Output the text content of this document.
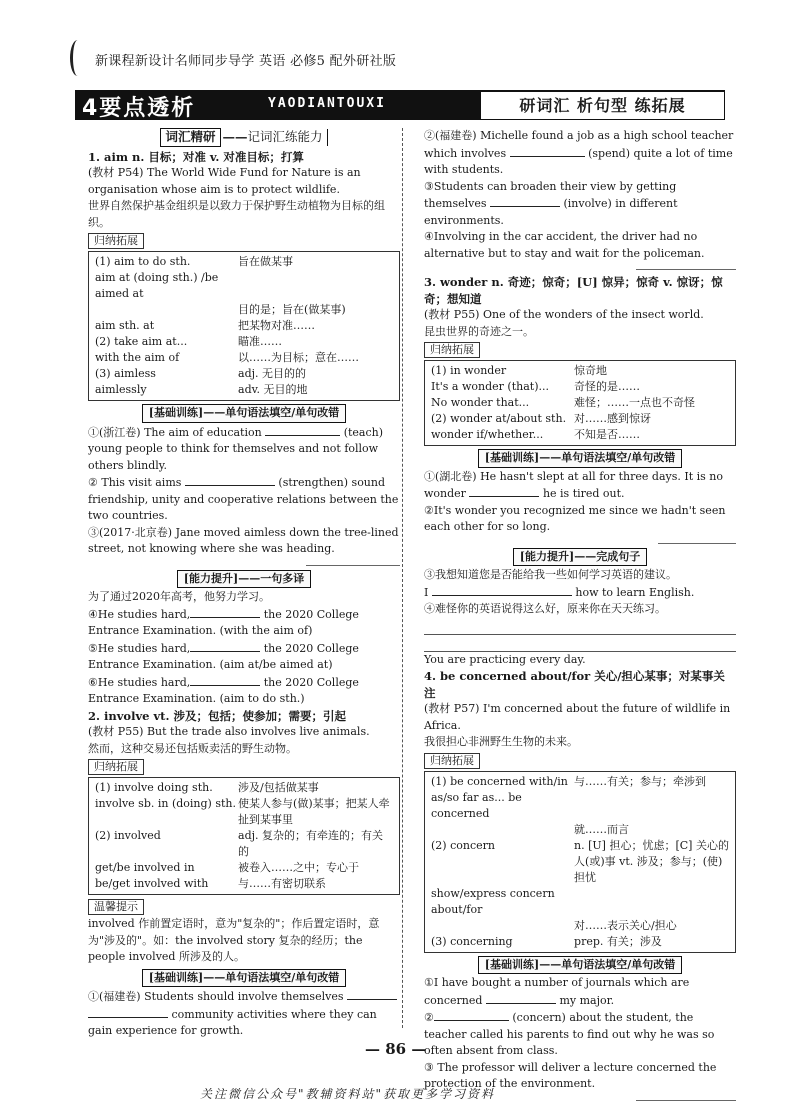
新课程新设计名师同步导学 英语 必修5 配外研社版
4要点透析	YAODIANTOUXI	研词汇 析句型 练拓展
词汇精研 ——记词汇练能力

1. aim n. 目标；对准 v. 对准目标；打算

(教材 P54) The World Wide Fund for Nature is an organisation whose aim is to protect wildlife.

世界自然保护基金组织是以致力于保护野生动植物为目标的组织。

归纳拓展
(1) aim to do sth.	旨在做某事
aim at (doing sth.) /be aimed at	
	目的是；旨在(做某事)
aim sth. at	把某物对准……
(2) take aim at...	瞄准……
with the aim of	以……为目标；意在……
(3) aimless	adj. 无目的的
aimlessly	adv. 无目的地
[基础训练]——单句语法填空/单句改错

①(浙江卷) The aim of education	(teach) young people to think for themselves and not follow others blindly.

② This visit aims	(strengthen) sound friendship, unity and cooperative relations between the two countries.

③(2017·北京卷) Jane moved aimless down the tree-lined street, not knowing where she was heading.

[能力提升]——一句多译

为了通过2020年高考，他努力学习。

④He studies hard,	the 2020 College Entrance Examination. (with the aim of)

⑤He studies hard,	the 2020 College Entrance Examination. (aim at/be aimed at)

⑥He studies hard,	the 2020 College Entrance Examination. (aim to do sth.)

2. involve vt. 涉及；包括；使参加；需要；引起

(教材 P55) But the trade also involves live animals.

然而，这种交易还包括贩卖活的野生动物。

归纳拓展
(1) involve doing sth.	涉及/包括做某事
involve sb. in (doing) sth.	使某人参与(做)某事；把某人牵扯到某事里
(2) involved	adj. 复杂的；有牵连的；有关的
get/be involved in	被卷入……之中；专心于
be/get involved with	与……有密切联系
温馨提示

involved 作前置定语时，意为"复杂的"；作后置定语时，意为"涉及的"。如：the involved story 复杂的经历；the people involved 所涉及的人。

[基础训练]——单句语法填空/单句改错

①(福建卷) Students should involve themselves   community activities where they can gain experience for growth.

②(福建卷) Michelle found a job as a high school teacher which involves	(spend) quite a lot of time with students.

③Students can broaden their view by getting themselves	(involve) in different environments.

④Involving in the car accident, the driver had no alternative but to stay and wait for the policeman.

3. wonder n. 奇迹；惊奇；[U] 惊异；惊奇 v. 惊讶；惊奇；想知道

(教材 P55) One of the wonders of the insect world.

昆虫世界的奇迹之一。

归纳拓展
(1) in wonder	惊奇地
It's a wonder (that)...	奇怪的是……
No wonder that...	难怪；……一点也不奇怪
(2) wonder at/about sth.	对……感到惊讶
wonder if/whether...	不知是否……
[基础训练]——单句语法填空/单句改错

①(湖北卷) He hasn't slept at all for three days. It is no wonder	he is tired out.

②It's wonder you recognized me since we hadn't seen each other for so long.

[能力提升]——完成句子

③我想知道您是否能给我一些如何学习英语的建议。

I	how to learn English.

④难怪你的英语说得这么好，原来你在天天练习。

You are practicing every day.

4. be concerned about/for 关心/担心某事；对某事关注

(教材 P57) I'm concerned about the future of wildlife in Africa.

我很担心非洲野生生物的未来。

归纳拓展
(1) be concerned with/in	与……有关；参与；牵涉到
as/so far as... be concerned	
	就……而言
(2) concern	n. [U] 担心；忧虑；[C] 关心的人(或)事 vt. 涉及；参与；(使)担忧
show/express concern about/for	
	对……表示关心/担心
(3) concerning	prep. 有关；涉及
[基础训练]——单句语法填空/单句改错

①I have bought a number of journals which are concerned	my major.

②	(concern) about the student, the teacher called his parents to find out why he was so often absent from class.

③ The professor will deliver a lecture concerned the protection of the environment.

— 86 —
关注微信公众号"教辅资料站"获取更多学习资料
